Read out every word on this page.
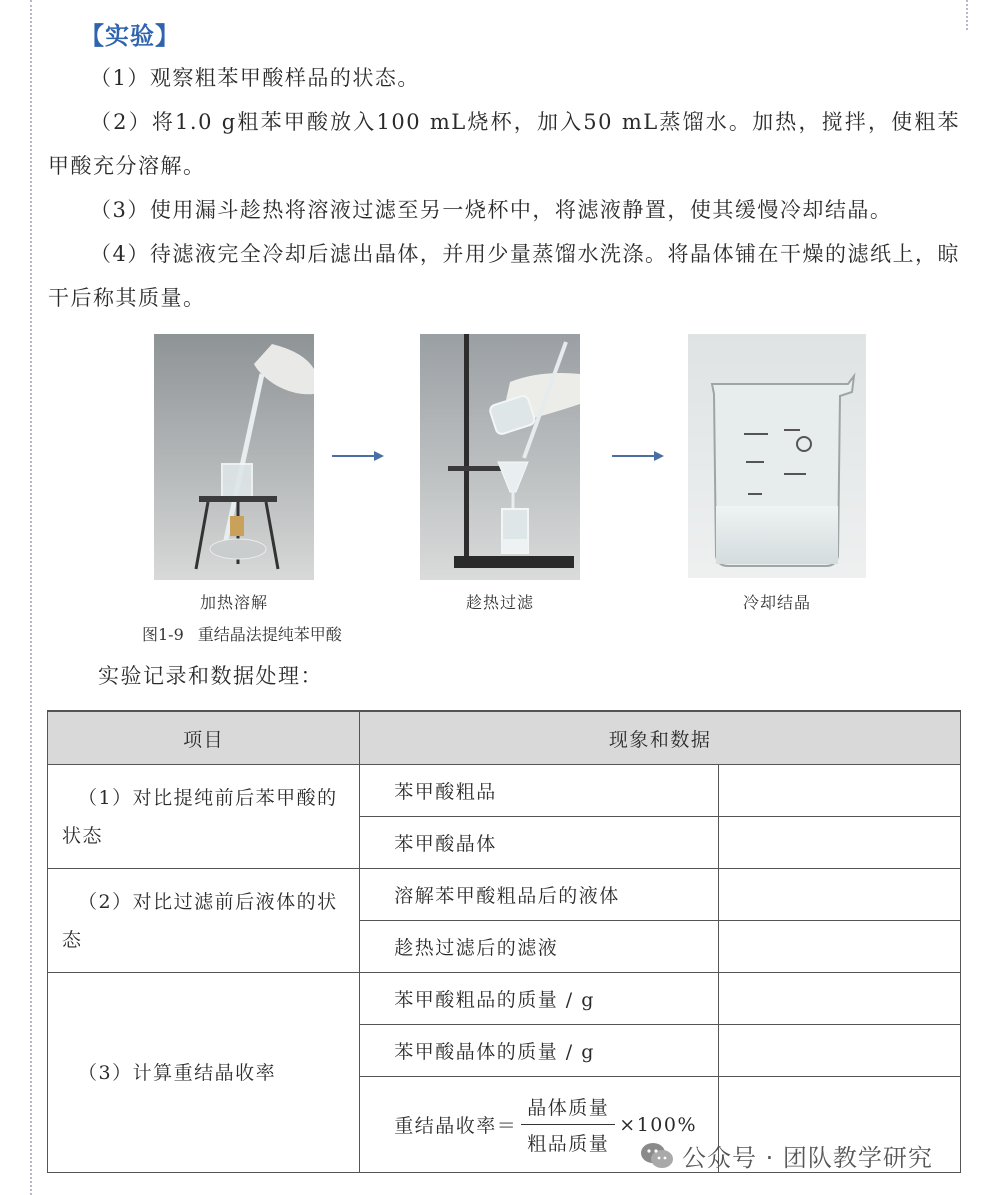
【实验】
（1）观察粗苯甲酸样品的状态。
（2）将1.0 g粗苯甲酸放入100 mL烧杯，加入50 mL蒸馏水。加热，搅拌，使粗苯甲酸充分溶解。
（3）使用漏斗趁热将溶液过滤至另一烧杯中，将滤液静置，使其缓慢冷却结晶。
（4）待滤液完全冷却后滤出晶体，并用少量蒸馏水洗涤。将晶体铺在干燥的滤纸上，晾干后称其质量。
加热溶解	趁热过滤	冷却结晶
图1-9 重结晶法提纯苯甲酸
实验记录和数据处理：
项目	现象和数据	
（1）对比提纯前后苯甲酸的状态	苯甲酸粗品	
	苯甲酸晶体	
（2）对比过滤前后液体的状态	溶解苯甲酸粗品后的液体	
	趁热过滤后的滤液	
（3）计算重结晶收率	苯甲酸粗品的质量 / g	
	苯甲酸晶体的质量 / g	

	重结晶收率＝ $\frac{\text{晶体质量}}{\text{粗品质量}} \times 100\%$	

公众号 · 团队教学研究
